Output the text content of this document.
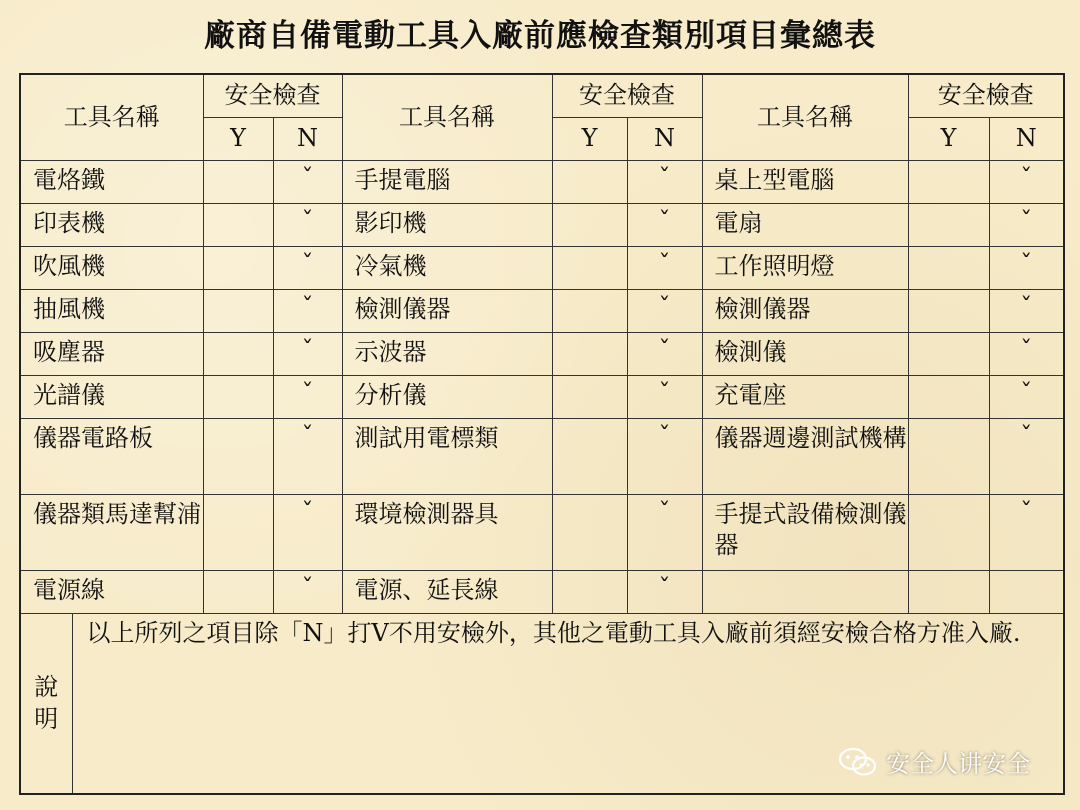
廠商自備電動工具入廠前應檢查類別項目彙總表
工具名稱		安全檢查		工具名稱	安全檢查		工具名稱	安全檢查	
		Y	N		Y	N		Y	N
電烙鐵			ˇ	手提電腦		ˇ	桌上型電腦		ˇ
印表機			ˇ	影印機		ˇ	電扇		ˇ
吹風機			ˇ	冷氣機		ˇ	工作照明燈		ˇ
抽風機			ˇ	檢測儀器		ˇ	檢測儀器		ˇ
吸塵器			ˇ	示波器		ˇ	檢測儀		ˇ
光譜儀			ˇ	分析儀		ˇ	充電座		ˇ
儀器電路板			ˇ	測試用電標類		ˇ	儀器週邊測試機構		ˇ
儀器類馬達幫浦			ˇ	環境檢測器具		ˇ	手提式設備檢測儀器		ˇ
電源線			ˇ	電源、延長線		ˇ			

說
明	以上所列之項目除「N」打V不用安檢外，其他之電動工具入廠前須經安檢合格方准入廠.								
安全人讲安全
